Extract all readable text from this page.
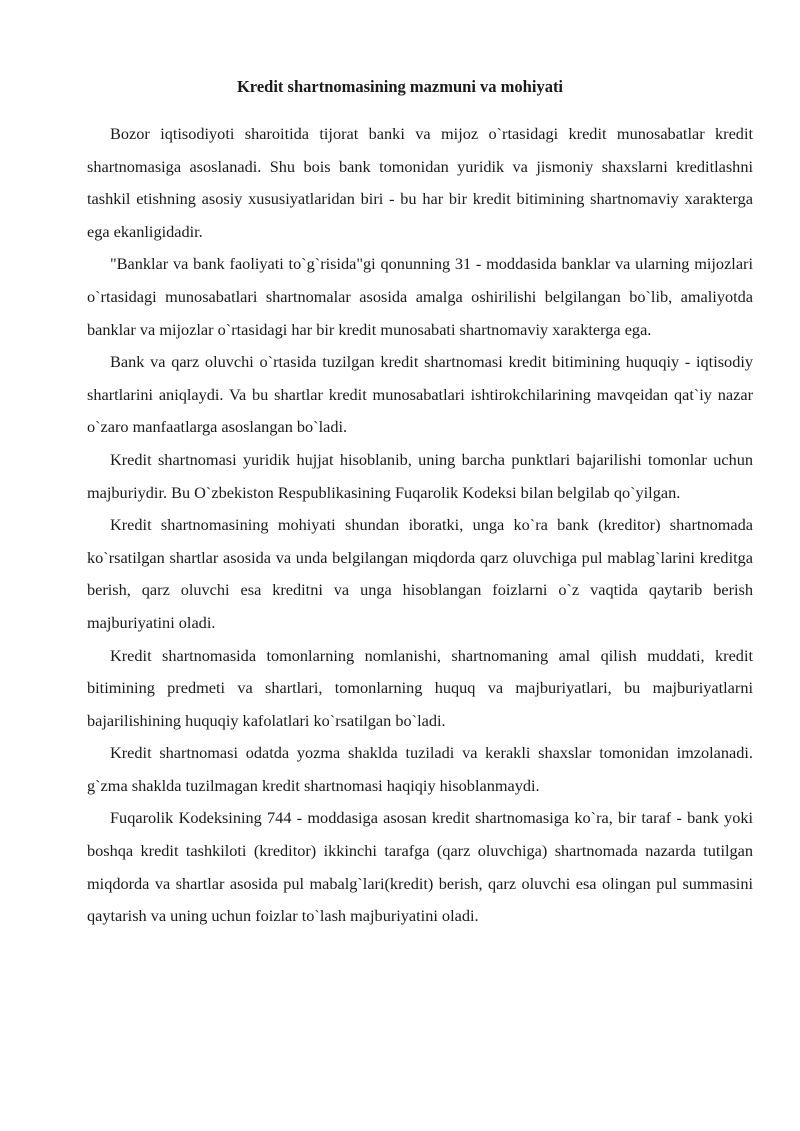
Kredit shartnomasining mazmuni va mohiyati

Bozor iqtisodiyoti sharoitida tijorat banki va mijoz o`rtasidagi kredit munosabatlar kredit shartnomasiga asoslanadi. Shu bois bank tomonidan yuridik va jismoniy shaxslarni kreditlashni tashkil etishning asosiy xususiyatlaridan biri - bu har bir kredit bitimining shartnomaviy xarakterga ega ekanligidadir.

"Banklar va bank faoliyati to`g`risida"gi qonunning 31 - moddasida banklar va ularning mijozlari o`rtasidagi munosabatlari shartnomalar asosida amalga oshirilishi belgilangan bo`lib, amaliyotda banklar va mijozlar o`rtasidagi har bir kredit munosabati shartnomaviy xarakterga ega.

Bank va qarz oluvchi o`rtasida tuzilgan kredit shartnomasi kredit bitimining huquqiy - iqtisodiy shartlarini aniqlaydi. Va bu shartlar kredit munosabatlari ishtirokchilarining mavqeidan qat`iy nazar o`zaro manfaatlarga asoslangan bo`ladi.

Kredit shartnomasi yuridik hujjat hisoblanib, uning barcha punktlari bajarilishi tomonlar uchun majburiydir. Bu O`zbekiston Respublikasining Fuqarolik Kodeksi bilan belgilab qo`yilgan.

Kredit shartnomasining mohiyati shundan iboratki, unga ko`ra bank (kreditor) shartnomada ko`rsatilgan shartlar asosida va unda belgilangan miqdorda qarz oluvchiga pul mablag`larini kreditga berish, qarz oluvchi esa kreditni va unga hisoblangan foizlarni o`z vaqtida qaytarib berish majburiyatini oladi.

Kredit shartnomasida tomonlarning nomlanishi, shartnomaning amal qilish muddati, kredit bitimining predmeti va shartlari, tomonlarning huquq va majburiyatlari, bu majburiyatlarni bajarilishining huquqiy kafolatlari ko`rsatilgan bo`ladi.

Kredit shartnomasi odatda yozma shaklda tuziladi va kerakli shaxslar tomonidan imzolanadi. g`zma shaklda tuzilmagan kredit shartnomasi haqiqiy hisoblanmaydi.

Fuqarolik Kodeksining 744 - moddasiga asosan kredit shartnomasiga ko`ra, bir taraf - bank yoki boshqa kredit tashkiloti (kreditor) ikkinchi tarafga (qarz oluvchiga) shartnomada nazarda tutilgan miqdorda va shartlar asosida pul mabalg`lari(kredit) berish, qarz oluvchi esa olingan pul summasini qaytarish va uning uchun foizlar to`lash majburiyatini oladi.
